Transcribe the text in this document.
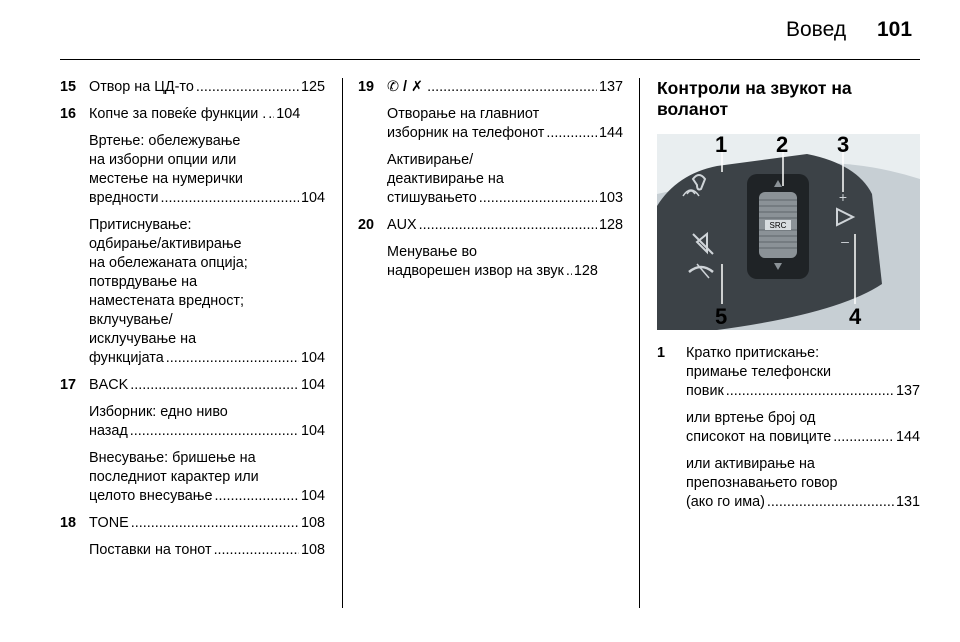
Вовед 101
15 Отвор на ЦД-то .....	125
16 Копче за повеќе функции . ..... 104
Вртење: обележување
на изборни опции или
местење на нумерички
вредности .....	104
Притиснување:
одбирање/активирање
на обележаната опција;
потврдување на
наместената вредност;
вклучување/
исклучување на
функцијата .....	104
17 BACK .....	104
Изборник: едно ниво
назад .....	104
Внесување: бришење на
последниот карактер или
целото внесување .....	104
18 TONE .....	108
Поставки на тонот .....	108
19 ✆ / ✗ .....	137
Отворање на главниот
изборник на телефонот .....	144
Активирање/
деактивирање на
стишувањето .....	103
20 AUX .....	128
Менување во
надворешен извор на звук ..... 128
Контроли на звукот на
воланот
SRC
+
–
1 2 3
4
5
1 Кратко притискање:
примање телефонски
повик .....	137
или вртење број од
списокот на повиците .....	144
или активирање на
препознавањето говор
(ако го има) .....	131
